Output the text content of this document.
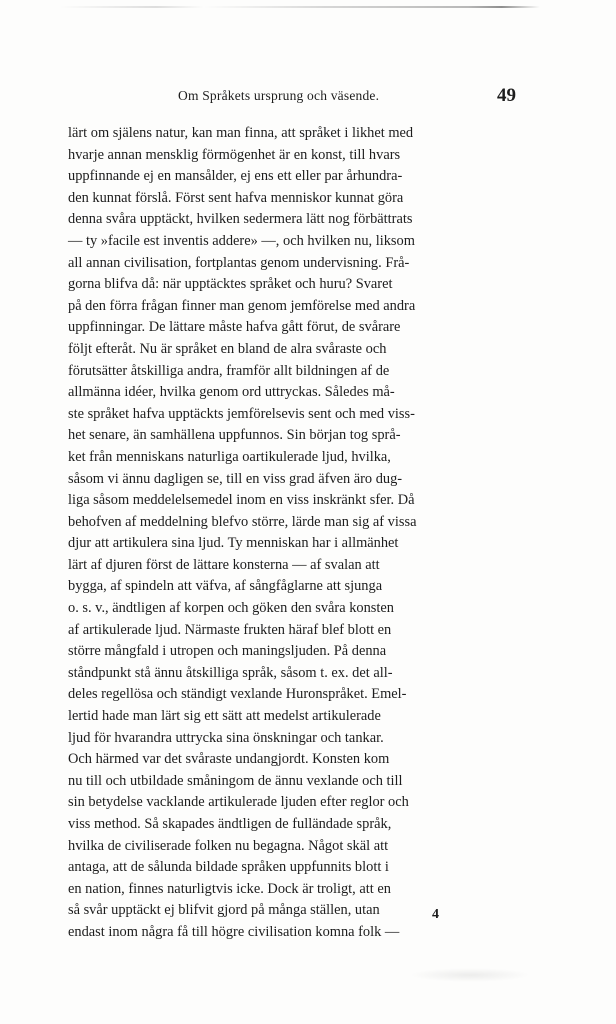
Om Språkets ursprung och väsende.	49
lärt om själens natur, kan man finna, att språket i likhet med
hvarje annan mensklig förmögenhet är en konst, till hvars
uppfinnande ej en mansålder, ej ens ett eller par århundra-
den kunnat förslå. Först sent hafva menniskor kunnat göra
denna svåra upptäckt, hvilken sedermera lätt nog förbättrats
— ty »facile est inventis addere» —, och hvilken nu, liksom
all annan civilisation, fortplantas genom undervisning. Frå-
gorna blifva då: när upptäcktes språket och huru? Svaret
på den förra frågan finner man genom jemförelse med andra
uppfinningar. De lättare måste hafva gått förut, de svårare
följt efteråt. Nu är språket en bland de alra svåraste och
förutsätter åtskilliga andra, framför allt bildningen af de
allmänna idéer, hvilka genom ord uttryckas. Således må-
ste språket hafva upptäckts jemförelsevis sent och med viss-
het senare, än samhällena uppfunnos. Sin början tog språ-
ket från menniskans naturliga oartikulerade ljud, hvilka,
såsom vi ännu dagligen se, till en viss grad äfven äro dug-
liga såsom meddelelsemedel inom en viss inskränkt sfer. Då
behofven af meddelning blefvo större, lärde man sig af vissa
djur att artikulera sina ljud. Ty menniskan har i allmänhet
lärt af djuren först de lättare konsterna — af svalan att
bygga, af spindeln att väfva, af sångfåglarne att sjunga
o. s. v., ändtligen af korpen och göken den svåra konsten
af artikulerade ljud. Närmaste frukten häraf blef blott en
större mångfald i utropen och maningsljuden. På denna
ståndpunkt stå ännu åtskilliga språk, såsom t. ex. det all-
deles regellösa och ständigt vexlande Huronspråket. Emel-
lertid hade man lärt sig ett sätt att medelst artikulerade
ljud för hvarandra uttrycka sina önskningar och tankar.
Och härmed var det svåraste undangjordt. Konsten kom
nu till och utbildade småningom de ännu vexlande och till
sin betydelse vacklande artikulerade ljuden efter reglor och
viss method. Så skapades ändtligen de fulländade språk,
hvilka de civiliserade folken nu begagna. Något skäl att
antaga, att de sålunda bildade språken uppfunnits blott i
en nation, finnes naturligtvis icke. Dock är troligt, att en
så svår upptäckt ej blifvit gjord på många ställen, utan
endast inom några få till högre civilisation komna folk —
4
